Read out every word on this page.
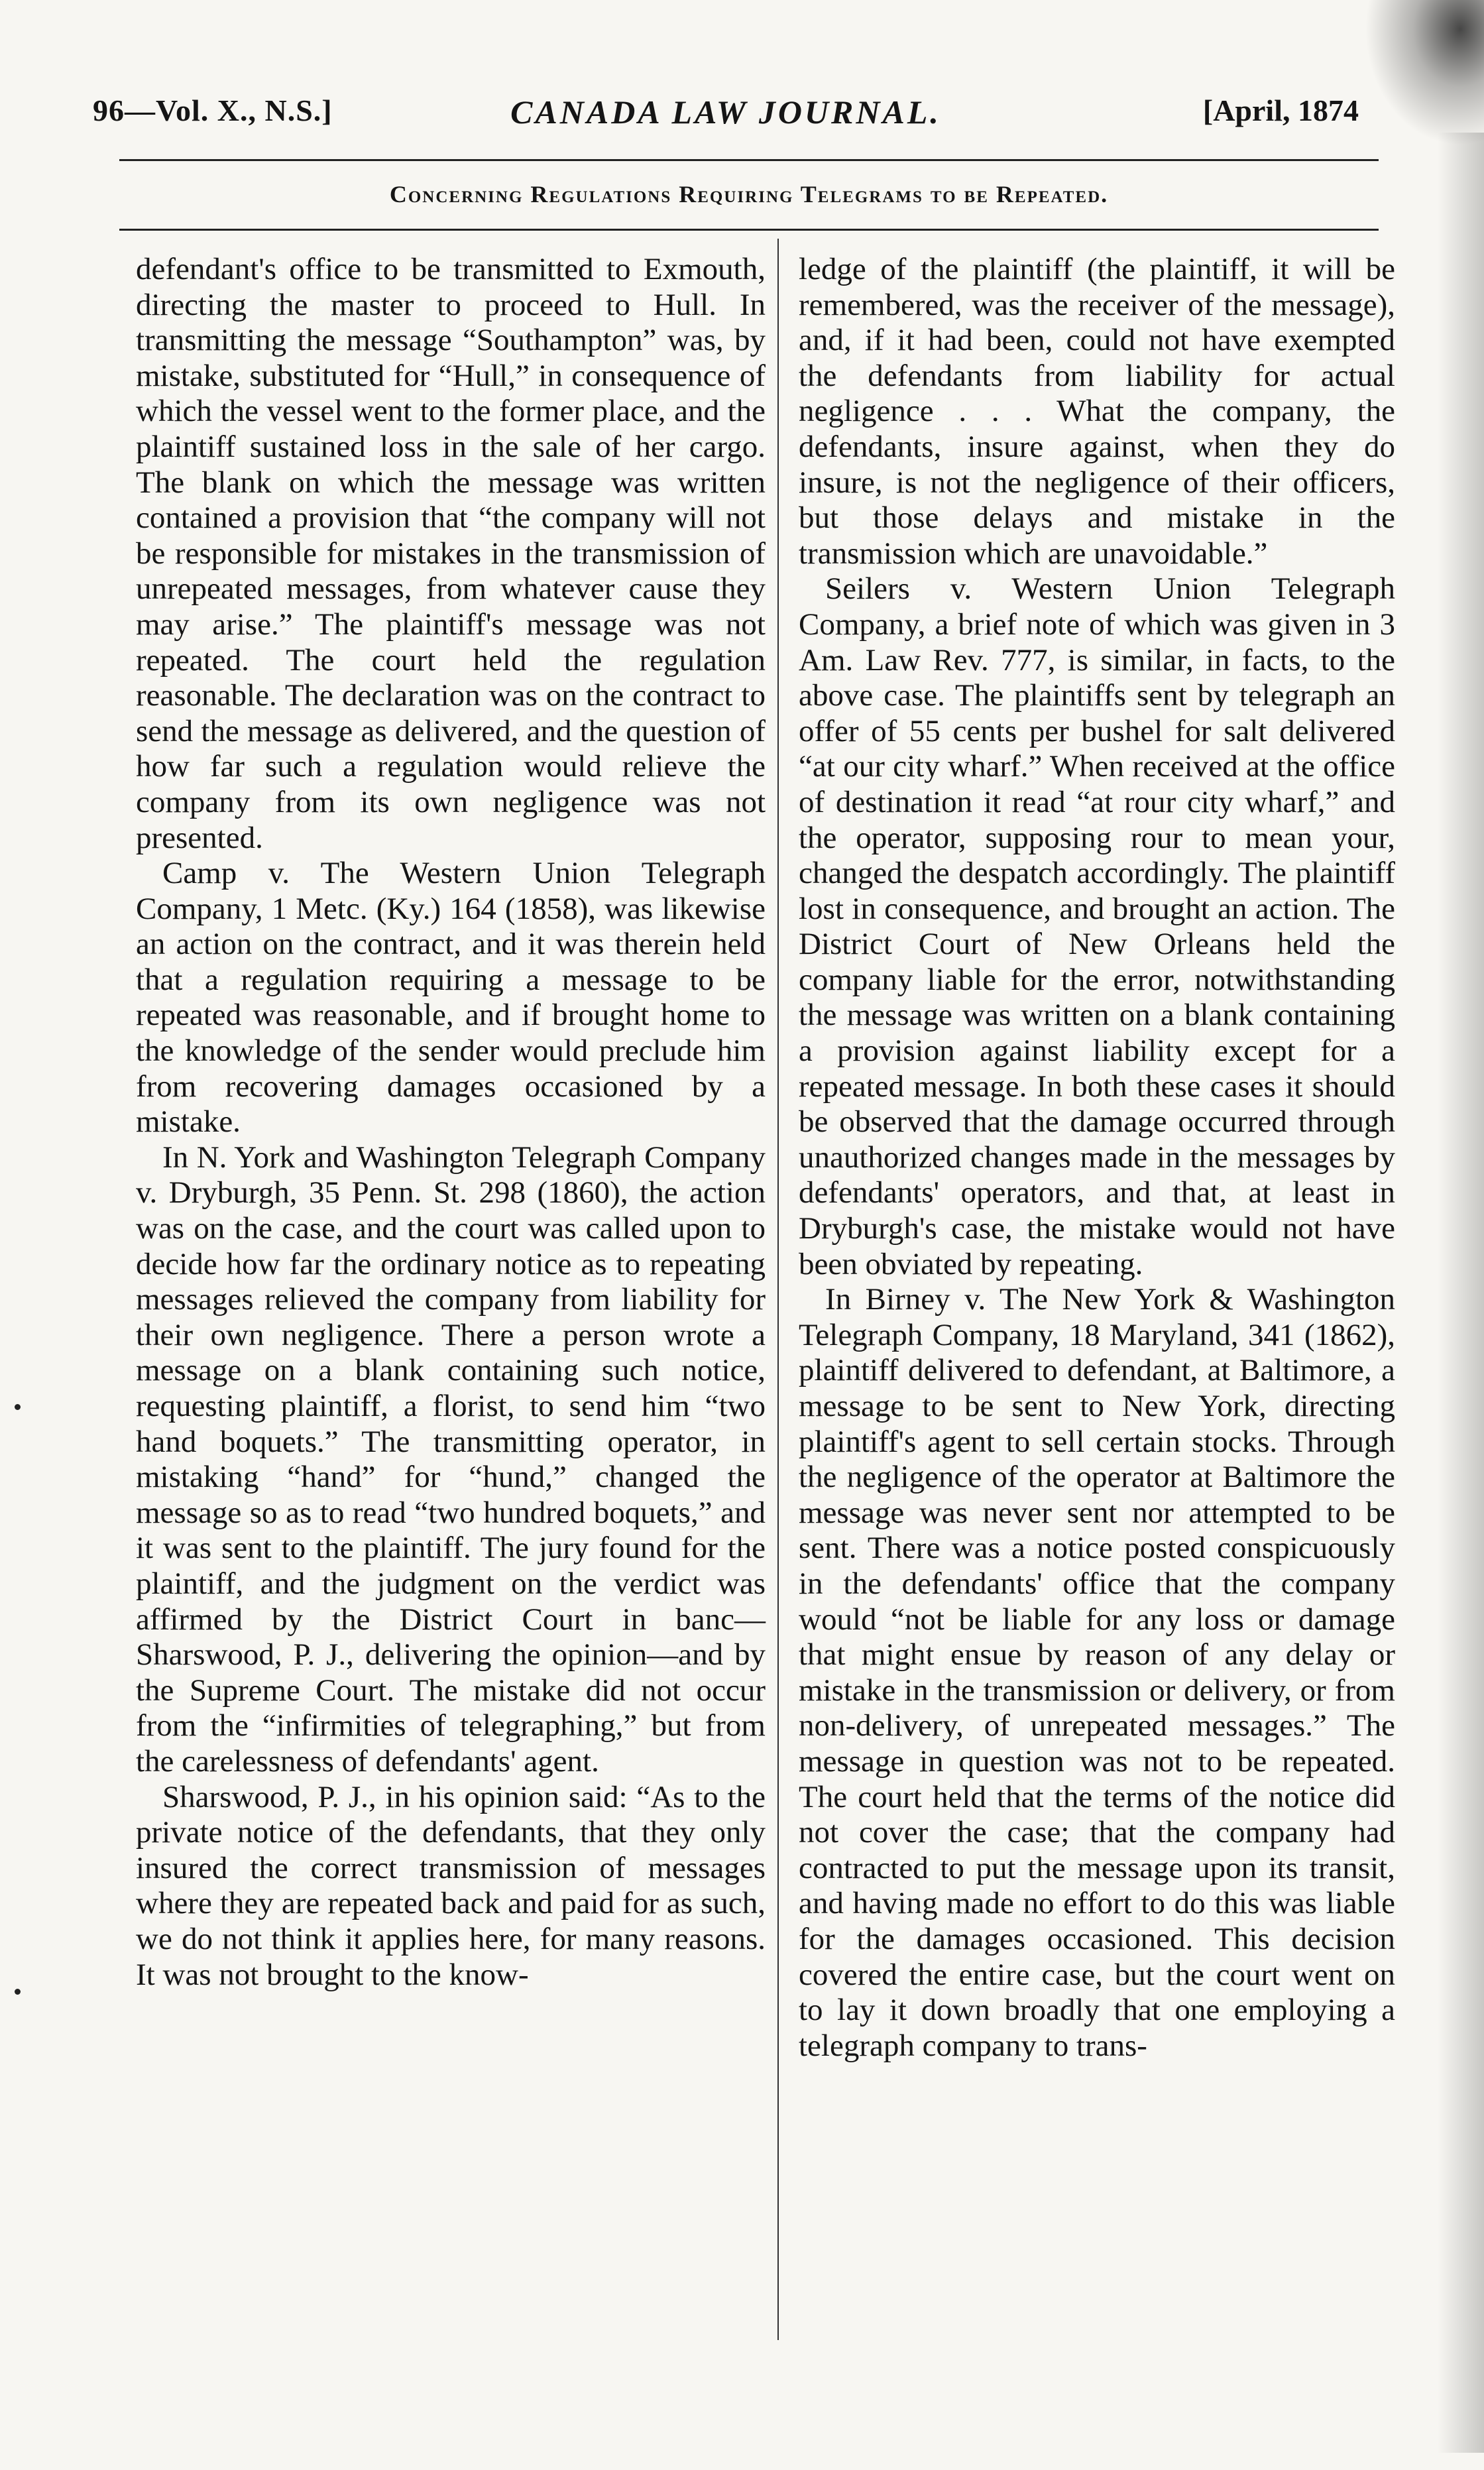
96—Vol. X., N.S.]	CANADA LAW JOURNAL.	[April, 1874
Concerning Regulations Requiring Telegrams to be Repeated.

defendant's office to be transmitted to Exmouth, directing the master to proceed to Hull. In transmitting the message “Southampton” was, by mistake, substituted for “Hull,” in consequence of which the vessel went to the former place, and the plaintiff sustained loss in the sale of her cargo. The blank on which the message was written contained a provision that “the company will not be responsible for mistakes in the transmission of unrepeated messages, from whatever cause they may arise.” The plaintiff's message was not repeated. The court held the regulation reasonable. The declaration was on the contract to send the message as delivered, and the question of how far such a regulation would relieve the company from its own negligence was not presented.

Camp v. The Western Union Telegraph Company, 1 Metc. (Ky.) 164 (1858), was likewise an action on the contract, and it was therein held that a regulation requiring a message to be repeated was reasonable, and if brought home to the knowledge of the sender would preclude him from recovering damages occasioned by a mistake.

In N. York and Washington Telegraph Company v. Dryburgh, 35 Penn. St. 298 (1860), the action was on the case, and the court was called upon to decide how far the ordinary notice as to repeating messages relieved the company from liability for their own negligence. There a person wrote a message on a blank containing such notice, requesting plaintiff, a florist, to send him “two hand boquets.” The transmitting operator, in mistaking “hand” for “hund,” changed the message so as to read “two hundred boquets,” and it was sent to the plaintiff. The jury found for the plaintiff, and the judgment on the verdict was affirmed by the District Court in banc—Sharswood, P. J., delivering the opinion—and by the Supreme Court. The mistake did not occur from the “infirmities of telegraphing,” but from the carelessness of defendants' agent.

Sharswood, P. J., in his opinion said: “As to the private notice of the defendants, that they only insured the correct transmission of messages where they are repeated back and paid for as such, we do not think it applies here, for many reasons. It was not brought to the know-

ledge of the plaintiff (the plaintiff, it will be remembered, was the receiver of the message), and, if it had been, could not have exempted the defendants from liability for actual negligence . . . What the company, the defendants, insure against, when they do insure, is not the negligence of their officers, but those delays and mistake in the transmission which are unavoidable.”

Seilers v. Western Union Telegraph Company, a brief note of which was given in 3 Am. Law Rev. 777, is similar, in facts, to the above case. The plaintiffs sent by telegraph an offer of 55 cents per bushel for salt delivered “at our city wharf.” When received at the office of destination it read “at rour city wharf,” and the operator, supposing rour to mean your, changed the despatch accordingly. The plaintiff lost in consequence, and brought an action. The District Court of New Orleans held the company liable for the error, notwithstanding the message was written on a blank containing a provision against liability except for a repeated message. In both these cases it should be observed that the damage occurred through unauthorized changes made in the messages by defendants' operators, and that, at least in Dryburgh's case, the mistake would not have been obviated by repeating.

In Birney v. The New York & Washington Telegraph Company, 18 Maryland, 341 (1862), plaintiff delivered to defendant, at Baltimore, a message to be sent to New York, directing plaintiff's agent to sell certain stocks. Through the negligence of the operator at Baltimore the message was never sent nor attempted to be sent. There was a notice posted conspicuously in the defendants' office that the company would “not be liable for any loss or damage that might ensue by reason of any delay or mistake in the transmission or delivery, or from non-delivery, of unrepeated messages.” The message in question was not to be repeated. The court held that the terms of the notice did not cover the case; that the company had contracted to put the message upon its transit, and having made no effort to do this was liable for the damages occasioned. This decision covered the entire case, but the court went on to lay it down broadly that one employing a telegraph company to trans-
